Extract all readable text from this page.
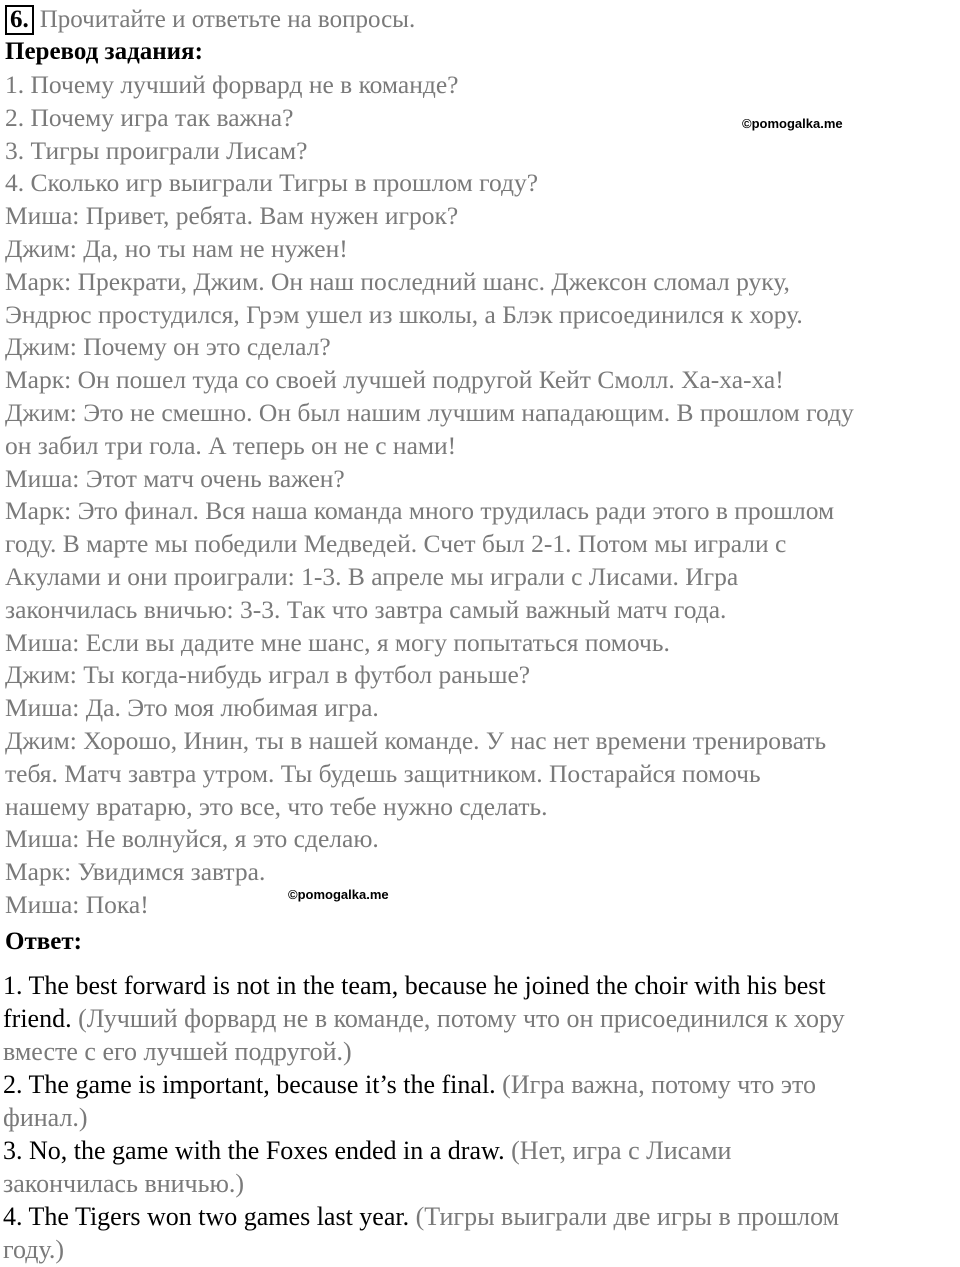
6. Прочитайте и ответьте на вопросы.
Перевод задания:
1. Почему лучший форвард не в команде?
2. Почему игра так важна?
3. Тигры проиграли Лисам?
4. Сколько игр выиграли Тигры в прошлом году?
Миша: Привет, ребята. Вам нужен игрок?
Джим: Да, но ты нам не нужен!
Марк: Прекрати, Джим. Он наш последний шанс. Джексон сломал руку,
Эндрюс простудился, Грэм ушел из школы, а Блэк присоединился к хору.
Джим: Почему он это сделал?
Марк: Он пошел туда со своей лучшей подругой Кейт Смолл. Ха-ха-ха!
Джим: Это не смешно. Он был нашим лучшим нападающим. В прошлом году
он забил три гола. А теперь он не с нами!
Миша: Этот матч очень важен?
Марк: Это финал. Вся наша команда много трудилась ради этого в прошлом
году. В марте мы победили Медведей. Счет был 2-1. Потом мы играли с
Акулами и они проиграли: 1-3. В апреле мы играли с Лисами. Игра
закончилась вничью: 3-3. Так что завтра самый важный матч года.
Миша: Если вы дадите мне шанс, я могу попытаться помочь.
Джим: Ты когда-нибудь играл в футбол раньше?
Миша: Да. Это моя любимая игра.
Джим: Хорошо, Инин, ты в нашей команде. У нас нет времени тренировать
тебя. Матч завтра утром. Ты будешь защитником. Постарайся помочь
нашему вратарю, это все, что тебе нужно сделать.
Миша: Не волнуйся, я это сделаю.
Марк: Увидимся завтра.
Миша: Пока!
Ответ:
1. The best forward is not in the team, because he joined the choir with his best
friend. (Лучший форвард не в команде, потому что он присоединился к хору
вместе с его лучшей подругой.)
2. The game is important, because it’s the final. (Игра важна, потому что это
финал.)
3. No, the game with the Foxes ended in a draw. (Нет, игра с Лисами
закончилась вничью.)
4. The Tigers won two games last year. (Тигры выиграли две игры в прошлом
году.)
©pomogalka.me
©pomogalka.me
